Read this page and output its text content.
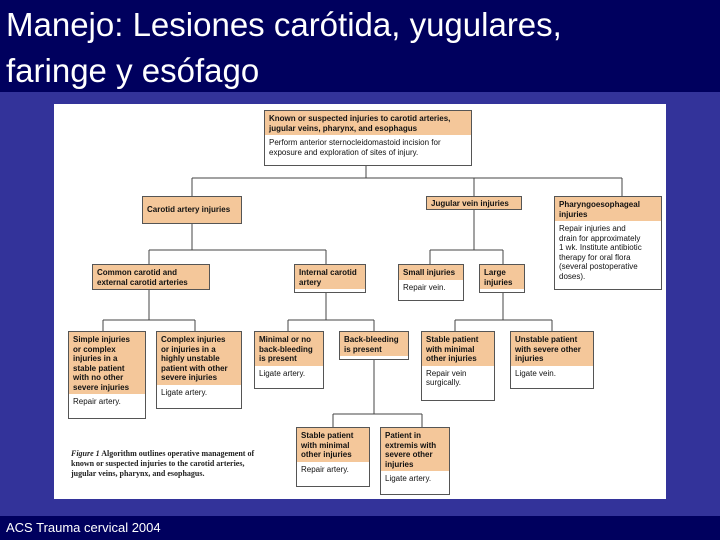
Manejo: Lesiones carótida, yugulares,
faringe y esófago
Known or suspected injuries to carotid arteries,
jugular veins, pharynx, and esophagus
Perform anterior sternocleidomastoid incision for
exposure and exploration of sites of injury.
Carotid artery injuries
Jugular vein injuries	Pharyngoesophageal
injuries
Repair injuries and
drain for approximately
1 wk. Institute antibiotic
therapy for oral flora
(several postoperative
doses).
Common carotid and
external carotid arteries
Internal carotid
artery
Small injuries
Repair vein.
Large
injuries
Simple injuries
or complex
injuries in a
stable patient
with no other
severe injuries
Repair artery.
Complex injuries
or injuries in a
highly unstable
patient with other
severe injuries
Ligate artery.
Minimal or no
back-bleeding
is present
Ligate artery.
Back-bleeding
is present
Stable patient
with minimal
other injuries
Repair vein
surgically.
Unstable patient
with severe other
injuries
Ligate vein.
Stable patient
with minimal
other injuries
Repair artery.
Patient in
extremis with
severe other
injuries
Ligate artery.
Figure 1 Algorithm outlines operative management of known or suspected injuries to the carotid arteries, jugular veins, pharynx, and esophagus.
ACS Trauma cervical 2004
